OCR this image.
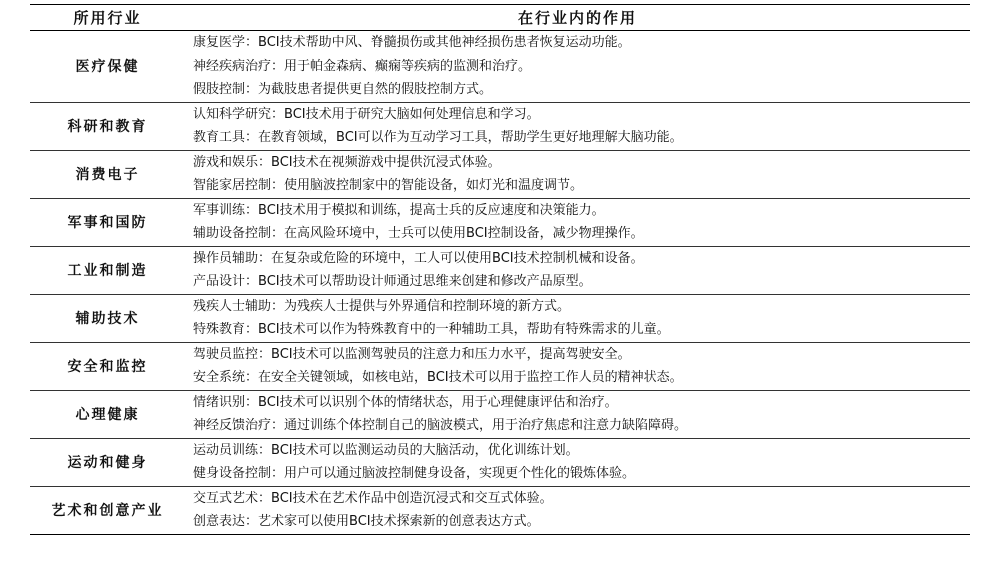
所用行业	在行业内的作用
医疗保健	康复医学：BCI技术帮助中风、脊髓损伤或其他神经损伤患者恢复运动功能。
神经疾病治疗：用于帕金森病、癫痫等疾病的监测和治疗。
假肢控制：为截肢患者提供更自然的假肢控制方式。

科研和教育	认知科学研究：BCI技术用于研究大脑如何处理信息和学习。
教育工具：在教育领域，BCI可以作为互动学习工具，帮助学生更好地理解大脑功能。

消费电子	游戏和娱乐：BCI技术在视频游戏中提供沉浸式体验。
智能家居控制：使用脑波控制家中的智能设备，如灯光和温度调节。

军事和国防	军事训练：BCI技术用于模拟和训练，提高士兵的反应速度和决策能力。
辅助设备控制：在高风险环境中，士兵可以使用BCI控制设备，减少物理操作。

工业和制造	操作员辅助：在复杂或危险的环境中，工人可以使用BCI技术控制机械和设备。
产品设计：BCI技术可以帮助设计师通过思维来创建和修改产品原型。

辅助技术	残疾人士辅助：为残疾人士提供与外界通信和控制环境的新方式。
特殊教育：BCI技术可以作为特殊教育中的一种辅助工具，帮助有特殊需求的儿童。

安全和监控	驾驶员监控：BCI技术可以监测驾驶员的注意力和压力水平，提高驾驶安全。
安全系统：在安全关键领域，如核电站，BCI技术可以用于监控工作人员的精神状态。

心理健康	情绪识别：BCI技术可以识别个体的情绪状态，用于心理健康评估和治疗。
神经反馈治疗：通过训练个体控制自己的脑波模式，用于治疗焦虑和注意力缺陷障碍。

运动和健身	运动员训练：BCI技术可以监测运动员的大脑活动，优化训练计划。
健身设备控制：用户可以通过脑波控制健身设备，实现更个性化的锻炼体验。

艺术和创意产业	交互式艺术：BCI技术在艺术作品中创造沉浸式和交互式体验。
创意表达：艺术家可以使用BCI技术探索新的创意表达方式。
